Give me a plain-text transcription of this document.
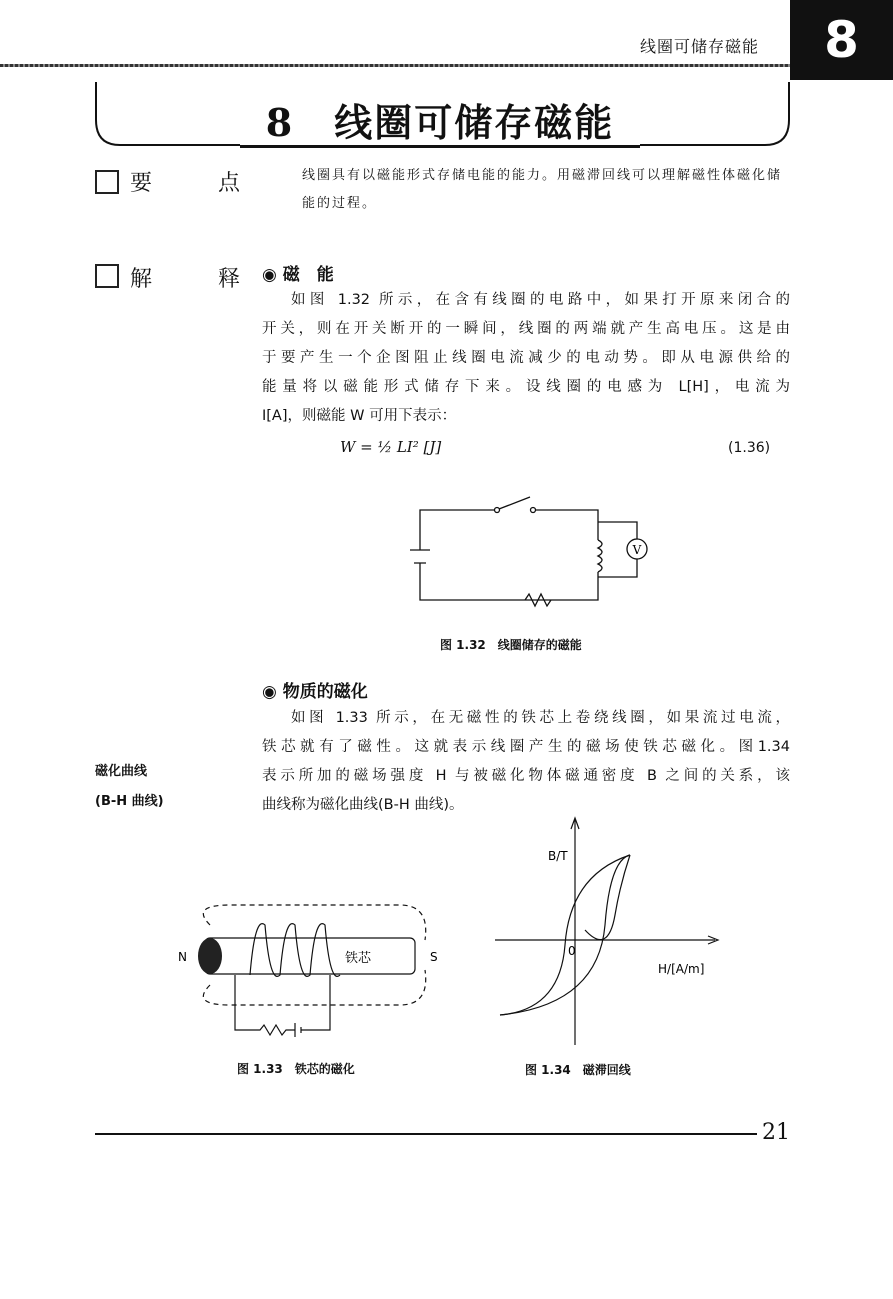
线圈可储存磁能	8
8　线圈可储存磁能
要	点	线圈具有以磁能形式存储电能的能力。用磁滞回线可以理解磁性体磁化储能的过程。
解	释 ◉ 磁　能
如图 1.32 所示，在含有线圈的电路中，如果打开原来闭合的
开关，则在开关断开的一瞬间，线圈的两端就产生高电压。这是由
于要产生一个企图阻止线圈电流减少的电动势。即从电源供给的
能量将以磁能形式储存下来。设线圈的电感为 L[H]，电流为
I[A]，则磁能 W 可用下表示：
W = ½ LI² [J]	(1.36)
V
图 1.32　线圈储存的磁能
◉ 物质的磁化
如图 1.33 所示，在无磁性的铁芯上卷绕线圈，如果流过电流，
铁芯就有了磁性。这就表示线圈产生的磁场使铁芯磁化。图1.34
表示所加的磁场强度 H 与被磁化物体磁通密度 B 之间的关系，该
曲线称为磁化曲线(B-H 曲线)。
磁化曲线
(B-H 曲线)
N	S
铁芯
图 1.33　铁芯的磁化
B/T
0
H/[A/m]
图 1.34　磁滞回线
21
